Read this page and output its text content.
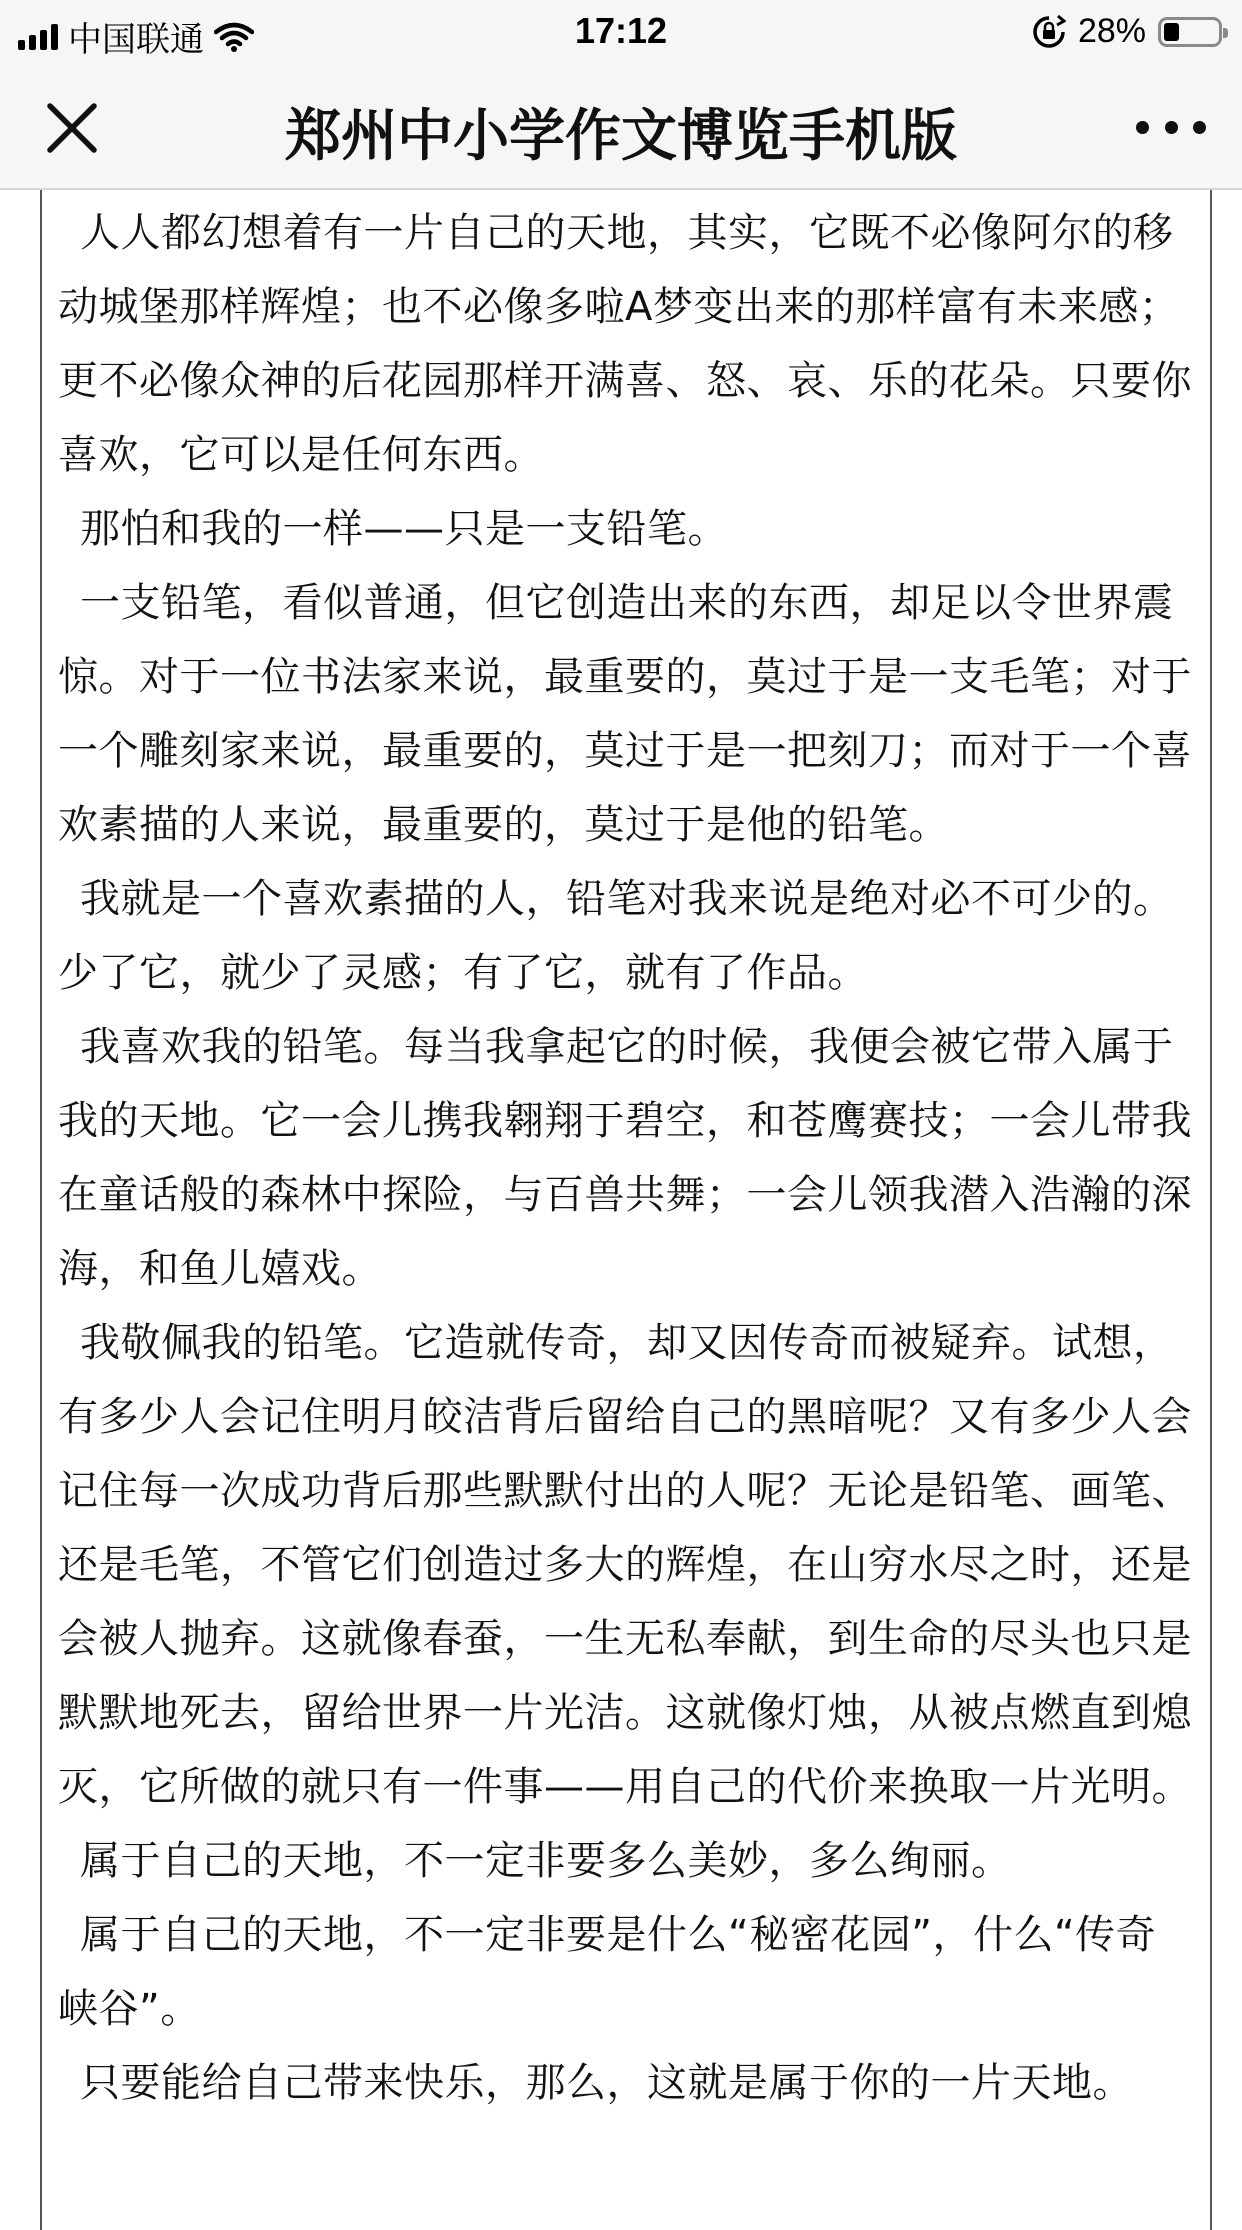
中国联通	17:12	28%
郑州中小学作文博览手机版

人人都幻想着有一片自己的天地，其实，它既不必像阿尔的移动城堡那样辉煌；也不必像多啦A梦变出来的那样富有未来感；更不必像众神的后花园那样开满喜、怒、哀、乐的花朵。只要你喜欢，它可以是任何东西。

那怕和我的一样——只是一支铅笔。

一支铅笔，看似普通，但它创造出来的东西，却足以令世界震惊。对于一位书法家来说，最重要的，莫过于是一支毛笔；对于一个雕刻家来说，最重要的，莫过于是一把刻刀；而对于一个喜欢素描的人来说，最重要的，莫过于是他的铅笔。

我就是一个喜欢素描的人，铅笔对我来说是绝对必不可少的。少了它，就少了灵感；有了它，就有了作品。

我喜欢我的铅笔。每当我拿起它的时候，我便会被它带入属于我的天地。它一会儿携我翱翔于碧空，和苍鹰赛技；一会儿带我在童话般的森林中探险，与百兽共舞；一会儿领我潜入浩瀚的深海，和鱼儿嬉戏。

我敬佩我的铅笔。它造就传奇，却又因传奇而被疑弃。试想，有多少人会记住明月皎洁背后留给自己的黑暗呢？又有多少人会记住每一次成功背后那些默默付出的人呢？无论是铅笔、画笔、还是毛笔，不管它们创造过多大的辉煌，在山穷水尽之时，还是会被人抛弃。这就像春蚕，一生无私奉献，到生命的尽头也只是默默地死去，留给世界一片光洁。这就像灯烛，从被点燃直到熄灭，它所做的就只有一件事——用自己的代价来换取一片光明。

属于自己的天地，不一定非要多么美妙，多么绚丽。

属于自己的天地，不一定非要是什么“秘密花园”，什么“传奇峡谷”。

只要能给自己带来快乐，那么，这就是属于你的一片天地。
